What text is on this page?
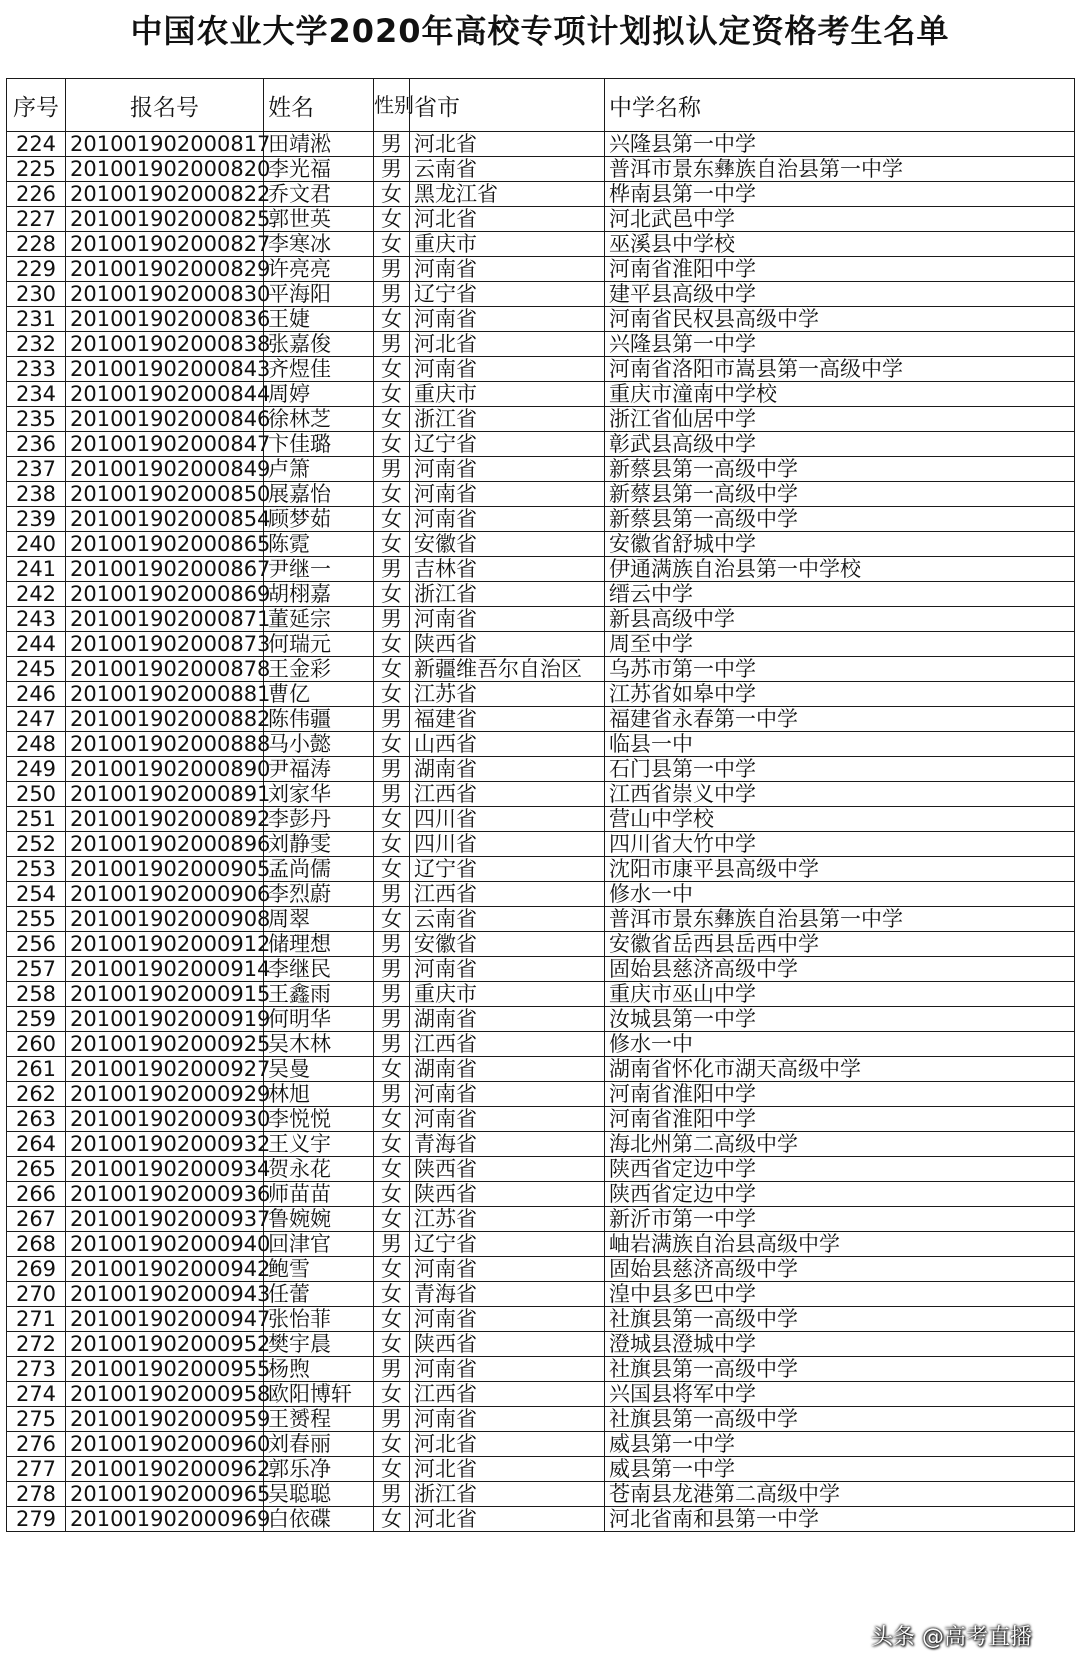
中国农业大学2020年高校专项计划拟认定资格考生名单
序号	报名号	姓名	性别	省市	中学名称
224	201001902000817	田靖淞	男	河北省	兴隆县第一中学
225	201001902000820	李光福	男	云南省	普洱市景东彝族自治县第一中学
226	201001902000822	乔文君	女	黑龙江省	桦南县第一中学
227	201001902000825	郭世英	女	河北省	河北武邑中学
228	201001902000827	李寒冰	女	重庆市	巫溪县中学校
229	201001902000829	许亮亮	男	河南省	河南省淮阳中学
230	201001902000830	平海阳	男	辽宁省	建平县高级中学
231	201001902000836	王婕	女	河南省	河南省民权县高级中学
232	201001902000838	张嘉俊	男	河北省	兴隆县第一中学
233	201001902000843	齐煜佳	女	河南省	河南省洛阳市嵩县第一高级中学
234	201001902000844	周婷	女	重庆市	重庆市潼南中学校
235	201001902000846	徐林芝	女	浙江省	浙江省仙居中学
236	201001902000847	卞佳璐	女	辽宁省	彰武县高级中学
237	201001902000849	卢箫	男	河南省	新蔡县第一高级中学
238	201001902000850	展嘉怡	女	河南省	新蔡县第一高级中学
239	201001902000854	顾梦茹	女	河南省	新蔡县第一高级中学
240	201001902000865	陈霓	女	安徽省	安徽省舒城中学
241	201001902000867	尹继一	男	吉林省	伊通满族自治县第一中学校
242	201001902000869	胡栩嘉	女	浙江省	缙云中学
243	201001902000871	董延宗	男	河南省	新县高级中学
244	201001902000873	何瑞元	女	陕西省	周至中学
245	201001902000878	王金彩	女	新疆维吾尔自治区	乌苏市第一中学
246	201001902000881	曹亿	女	江苏省	江苏省如皋中学
247	201001902000882	陈伟疆	男	福建省	福建省永春第一中学
248	201001902000888	马小懿	女	山西省	临县一中
249	201001902000890	尹福涛	男	湖南省	石门县第一中学
250	201001902000891	刘家华	男	江西省	江西省崇义中学
251	201001902000892	李彭丹	女	四川省	营山中学校
252	201001902000896	刘静雯	女	四川省	四川省大竹中学
253	201001902000905	孟尚儒	女	辽宁省	沈阳市康平县高级中学
254	201001902000906	李烈蔚	男	江西省	修水一中
255	201001902000908	周翠	女	云南省	普洱市景东彝族自治县第一中学
256	201001902000912	储理想	男	安徽省	安徽省岳西县岳西中学
257	201001902000914	李继民	男	河南省	固始县慈济高级中学
258	201001902000915	王鑫雨	男	重庆市	重庆市巫山中学
259	201001902000919	何明华	男	湖南省	汝城县第一中学
260	201001902000925	吴木林	男	江西省	修水一中
261	201001902000927	吴曼	女	湖南省	湖南省怀化市湖天高级中学
262	201001902000929	林旭	男	河南省	河南省淮阳中学
263	201001902000930	李悦悦	女	河南省	河南省淮阳中学
264	201001902000932	王义宇	女	青海省	海北州第二高级中学
265	201001902000934	贺永花	女	陕西省	陕西省定边中学
266	201001902000936	师苗苗	女	陕西省	陕西省定边中学
267	201001902000937	鲁婉婉	女	江苏省	新沂市第一中学
268	201001902000940	回津官	男	辽宁省	岫岩满族自治县高级中学
269	201001902000942	鲍雪	女	河南省	固始县慈济高级中学
270	201001902000943	任蕾	女	青海省	湟中县多巴中学
271	201001902000947	张怡菲	女	河南省	社旗县第一高级中学
272	201001902000952	樊宇晨	女	陕西省	澄城县澄城中学
273	201001902000955	杨煦	男	河南省	社旗县第一高级中学
274	201001902000958	欧阳博轩	女	江西省	兴国县将军中学
275	201001902000959	王赟程	男	河南省	社旗县第一高级中学
276	201001902000960	刘春丽	女	河北省	威县第一中学
277	201001902000962	郭乐净	女	河北省	威县第一中学
278	201001902000965	吴聪聪	男	浙江省	苍南县龙港第二高级中学
279	201001902000969	白依碟	女	河北省	河北省南和县第一中学
头条 @高考直播
